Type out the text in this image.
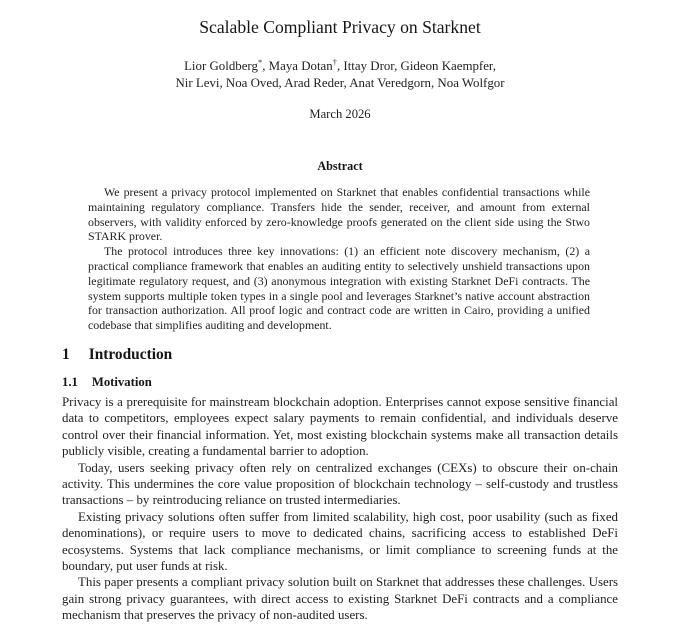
Scalable Compliant Privacy on Starknet
Lior Goldberg*, Maya Dotan†, Ittay Dror, Gideon Kaempfer,
Nir Levi, Noa Oved, Arad Reder, Anat Veredgorn, Noa Wolfgor
March 2026
Abstract

We present a privacy protocol implemented on Starknet that enables confidential transactions while maintaining regulatory compliance. Transfers hide the sender, receiver, and amount from external observers, with validity enforced by zero-knowledge proofs generated on the client side using the Stwo STARK prover.

The protocol introduces three key innovations: (1) an efficient note discovery mechanism, (2) a practical compliance framework that enables an auditing entity to selectively unshield transactions upon legitimate regulatory request, and (3) anonymous integration with existing Starknet DeFi contracts. The system supports multiple token types in a single pool and leverages Starknet’s native account abstraction for transaction authorization. All proof logic and contract code are written in Cairo, providing a unified codebase that simplifies auditing and development.

1 Introduction
1.1 Motivation

Privacy is a prerequisite for mainstream blockchain adoption. Enterprises cannot expose sensitive financial data to competitors, employees expect salary payments to remain confidential, and individuals deserve control over their financial information. Yet, most existing blockchain systems make all transaction details publicly visible, creating a fundamental barrier to adoption.

Today, users seeking privacy often rely on centralized exchanges (CEXs) to obscure their on-chain activity. This undermines the core value proposition of blockchain technology – self-custody and trustless transactions – by reintroducing reliance on trusted intermediaries.

Existing privacy solutions often suffer from limited scalability, high cost, poor usability (such as fixed denominations), or require users to move to dedicated chains, sacrificing access to established DeFi ecosystems. Systems that lack compliance mechanisms, or limit compliance to screening funds at the boundary, put user funds at risk.

This paper presents a compliant privacy solution built on Starknet that addresses these challenges. Users gain strong privacy guarantees, with direct access to existing Starknet DeFi contracts and a compliance mechanism that preserves the privacy of non-audited users.
